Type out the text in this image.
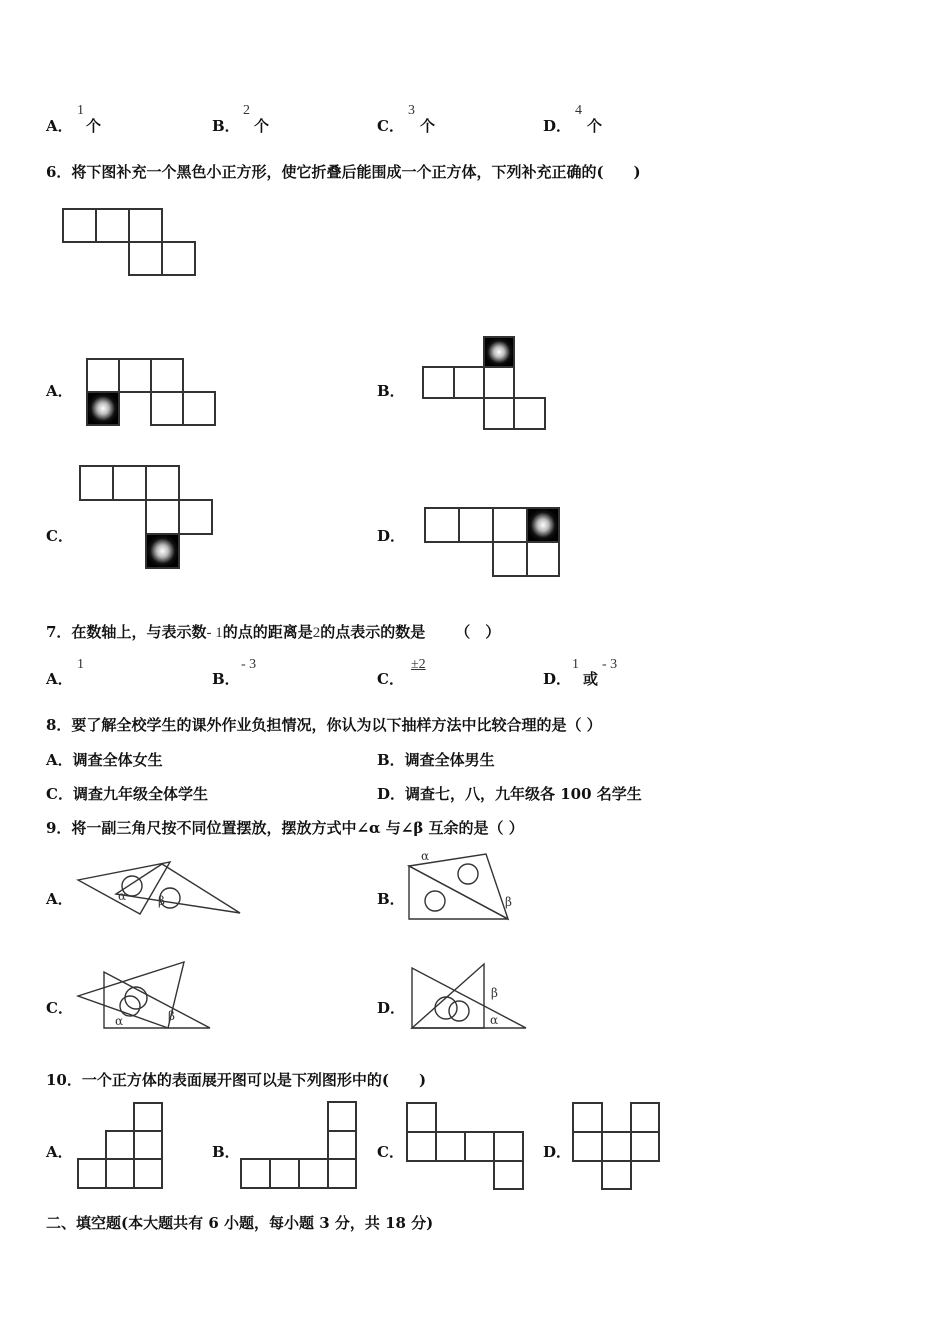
A．
1
个	B．
2
个	C．
3
个	D．
4
个
6．将下图补充一个黑色小正方形，使它折叠后能围成一个正方体，下列补充正确的(　　)
A．	B．
C．	D．
7．在数轴上，与表示数- 1的点的距离是2的点表示的数是 （　）
A．
1
B．
- 3
C．
±2
D．
1
或
- 3
8．要了解全校学生的课外作业负担情况，你认为以下抽样方法中比较合理的是（ ）
A．调查全体女生	B．调查全体男生
C．调查九年级全体学生	D．调查七，八，九年级各 100 名学生
9．将一副三角尺按不同位置摆放，摆放方式中∠α 与∠β 互余的是（ ）
A．	α	β	B．
α
β
C．
α	β	D．
β
α
10．一个正方体的表面展开图可以是下列图形中的(　　)
A．	B．	C．	D．
二、填空题(本大题共有 6 小题，每小题 3 分，共 18 分)
